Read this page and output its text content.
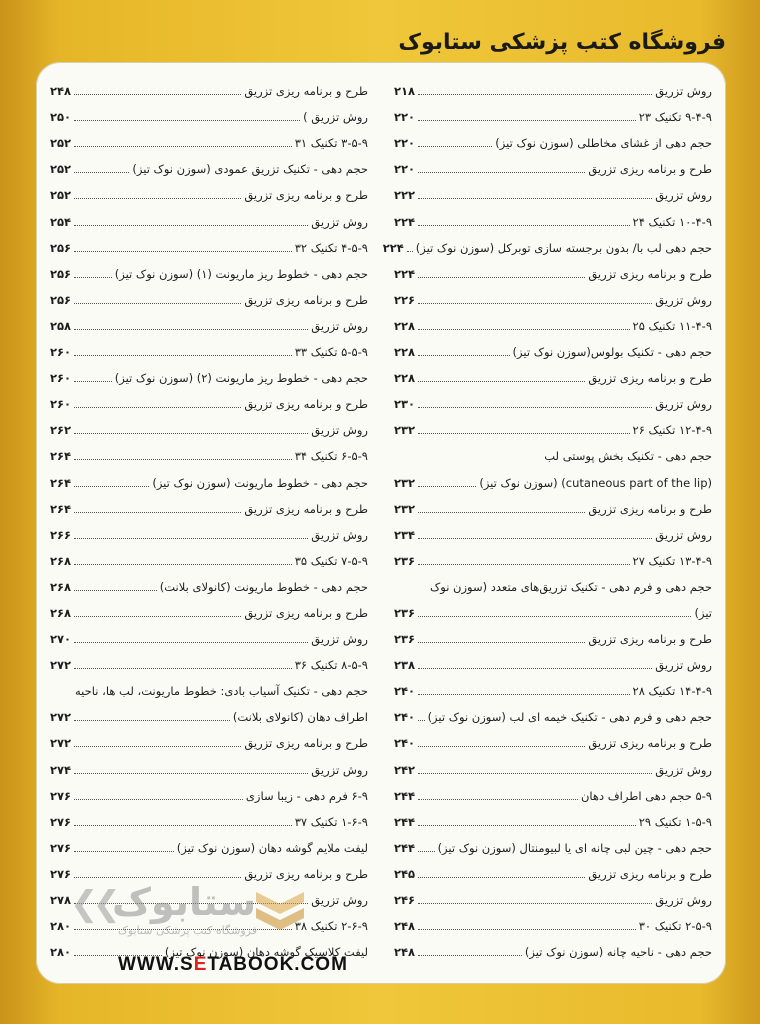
فروشگاه کتب پزشکی ستابوک
روش تزریق
۲۱۸
۹-۴-۹ تکنیک ۲۳
۲۲۰
حجم دهی از غشای مخاطلی (سوزن نوک تیز)
۲۲۰
طرح و برنامه ریزی تزریق
۲۲۰
روش تزریق
۲۲۲
۱۰-۴-۹ تکنیک ۲۴
۲۲۴
حجم دهی لب با/ بدون برجسته سازی توبرکل (سوزن نوک تیز)
۲۲۴
طرح و برنامه ریزی تزریق
۲۲۴
روش تزریق
۲۲۶
۱۱-۴-۹ تکنیک ۲۵
۲۲۸
حجم دهی - تکنیک بولوس(سوزن نوک تیز)
۲۲۸
طرح و برنامه ریزی تزریق
۲۲۸
روش تزریق
۲۳۰
۱۲-۴-۹ تکنیک ۲۶
۲۳۲
حجم دهی - تکنیک بخش پوستی لب
(cutaneous part of the lip) (سوزن نوک تیز)
۲۳۲
طرح و برنامه ریزی تزریق
۲۳۲
روش تزریق
۲۳۴
۱۳-۴-۹ تکنیک ۲۷
۲۳۶
حجم دهی و فرم دهی - تکنیک تزریق‌های متعدد (سوزن نوک
تیز)
۲۳۶
طرح و برنامه ریزی تزریق
۲۳۶
روش تزریق
۲۳۸
۱۴-۴-۹ تکنیک ۲۸
۲۴۰
حجم دهی و فرم دهی - تکنیک خیمه ای لب (سوزن نوک تیز)
۲۴۰
طرح و برنامه ریزی تزریق
۲۴۰
روش تزریق
۲۴۲
۵-۹ حجم دهی اطراف دهان
۲۴۴
۱-۵-۹ تکنیک ۲۹
۲۴۴
حجم دهی - چین لبی چانه ای یا لبیومنتال (سوزن نوک تیز)
۲۴۴
طرح و برنامه ریزی تزریق
۲۴۵
روش تزریق
۲۴۶
۲-۵-۹ تکنیک ۳۰
۲۴۸
حجم دهی - ناحیه چانه (سوزن نوک تیز)
۲۴۸
طرح و برنامه ریزی تزریق
۲۴۸
روش تزریق )
۲۵۰
۳-۵-۹ تکنیک ۳۱
۲۵۲
حجم دهی - تکنیک تزریق عمودی (سوزن نوک تیز)
۲۵۲
طرح و برنامه ریزی تزریق
۲۵۲
روش تزریق
۲۵۴
۴-۵-۹ تکنیک ۳۲
۲۵۶
حجم دهی - خطوط ریز ماریونت (۱) (سوزن نوک تیز)
۲۵۶
طرح و برنامه ریزی تزریق
۲۵۶
روش تزریق
۲۵۸
۵-۵-۹ تکنیک ۳۳
۲۶۰
حجم دهی - خطوط ریز ماریونت (۲) (سوزن نوک تیز)
۲۶۰
طرح و برنامه ریزی تزریق
۲۶۰
روش تزریق
۲۶۲
۶-۵-۹ تکنیک ۳۴
۲۶۴
حجم دهی - خطوط ماریونت (سوزن نوک تیز)
۲۶۴
طرح و برنامه ریزی تزریق
۲۶۴
روش تزریق
۲۶۶
۷-۵-۹ تکنیک ۳۵
۲۶۸
حجم دهی - خطوط ماریونت (کانولای بلانت)
۲۶۸
طرح و برنامه ریزی تزریق
۲۶۸
روش تزریق
۲۷۰
۸-۵-۹ تکنیک ۳۶
۲۷۲
حجم دهی - تکنیک آسیاب بادی: خطوط ماریونت، لب ها، ناحیه
اطراف دهان (کانولای بلانت)
۲۷۲
طرح و برنامه ریزی تزریق
۲۷۲
روش تزریق
۲۷۴
۶-۹ فرم دهی - زیبا سازی
۲۷۶
۱-۶-۹ تکنیک ۳۷
۲۷۶
لیفت ملایم گوشه دهان (سوزن نوک تیز)
۲۷۶
طرح و برنامه ریزی تزریق
۲۷۶
روش تزریق
۲۷۸
۲-۶-۹ تکنیک ۳۸
۲۸۰
لیفت کلاسیک گوشه دهان (سوزن نوک تیز)
۲۸۰
❮❮
ستابوک
فروشگاه کتب پزشکی ستابوک
WWW.SETABOOK.COM
